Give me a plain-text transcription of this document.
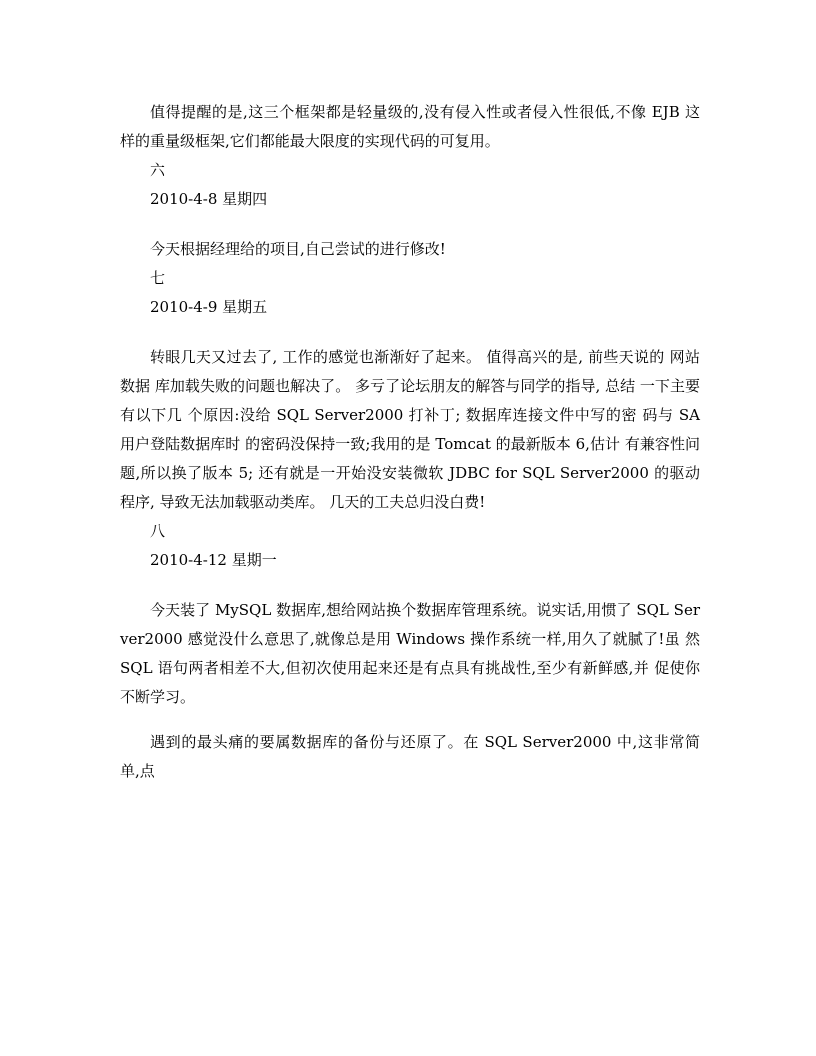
值得提醒的是,这三个框架都是轻量级的,没有侵入性或者侵入性很低,不像 EJB 这 样的重量级框架,它们都能最大限度的实现代码的可复用。

六

2010-4-8 星期四

今天根据经理给的项目,自己尝试的进行修改!

七

2010-4-9 星期五

转眼几天又过去了, 工作的感觉也渐渐好了起来。 值得高兴的是, 前些天说的 网站数据 库加载失败的问题也解决了。 多亏了论坛朋友的解答与同学的指导, 总结 一下主要有以下几 个原因:没给 SQL Server2000 打补丁; 数据库连接文件中写的密 码与 SA 用户登陆数据库时 的密码没保持一致;我用的是 Tomcat 的最新版本 6,估计 有兼容性问题,所以换了版本 5; 还有就是一开始没安装微软 JDBC for SQL Server2000 的驱动程序, 导致无法加载驱动类库。 几天的工夫总归没白费!

八

2010-4-12 星期一

今天装了 MySQL 数据库,想给网站换个数据库管理系统。说实话,用惯了 SQL Server2000 感觉没什么意思了,就像总是用 Windows 操作系统一样,用久了就腻了!虽 然 SQL 语句两者相差不大,但初次使用起来还是有点具有挑战性,至少有新鲜感,并 促使你 不断学习。

遇到的最头痛的要属数据库的备份与还原了。在 SQL Server2000 中,这非常简 单,点
